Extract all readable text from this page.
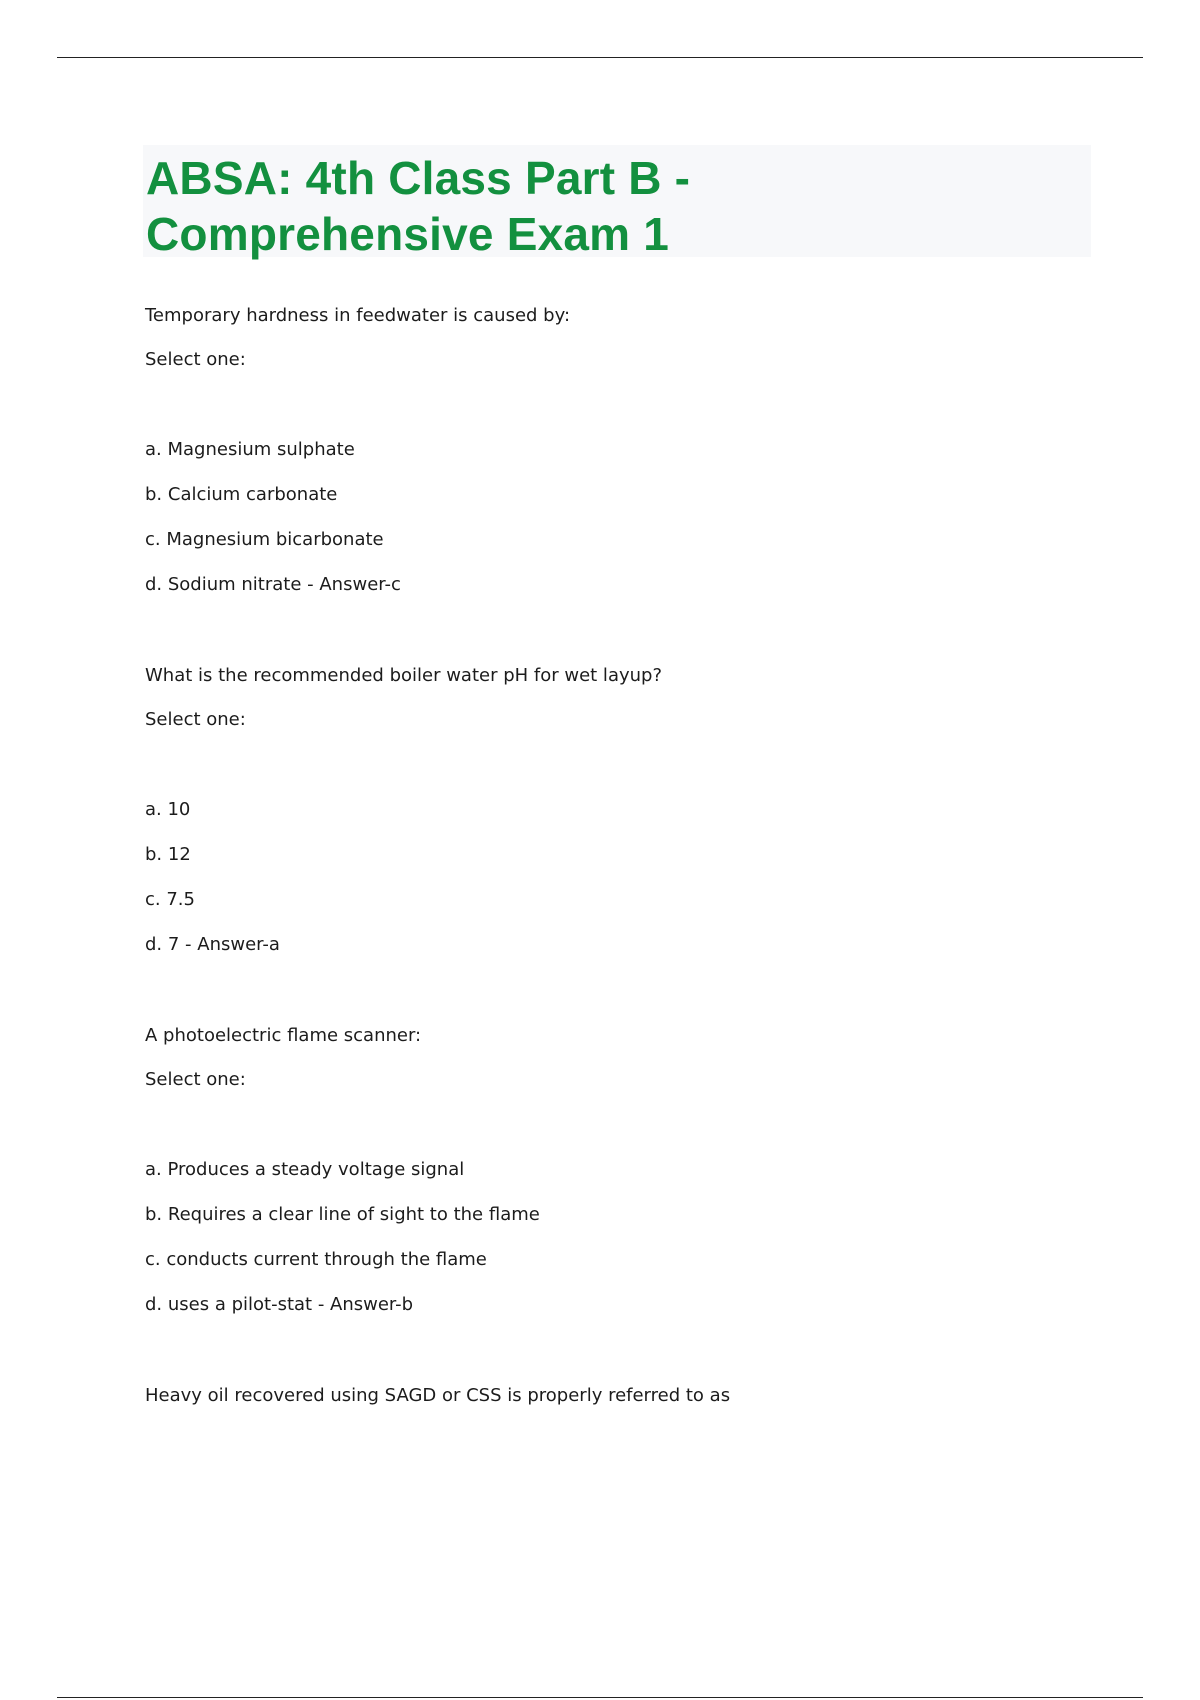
ABSA: 4th Class Part B -
Comprehensive Exam 1
Temporary hardness in feedwater is caused by:
Select one:
a. Magnesium sulphate
b. Calcium carbonate
c. Magnesium bicarbonate
d. Sodium nitrate - Answer-c
What is the recommended boiler water pH for wet layup?
Select one:
a. 10
b. 12
c. 7.5
d. 7 - Answer-a
A photoelectric flame scanner:
Select one:
a. Produces a steady voltage signal
b. Requires a clear line of sight to the flame
c. conducts current through the flame
d. uses a pilot-stat - Answer-b
Heavy oil recovered using SAGD or CSS is properly referred to as
